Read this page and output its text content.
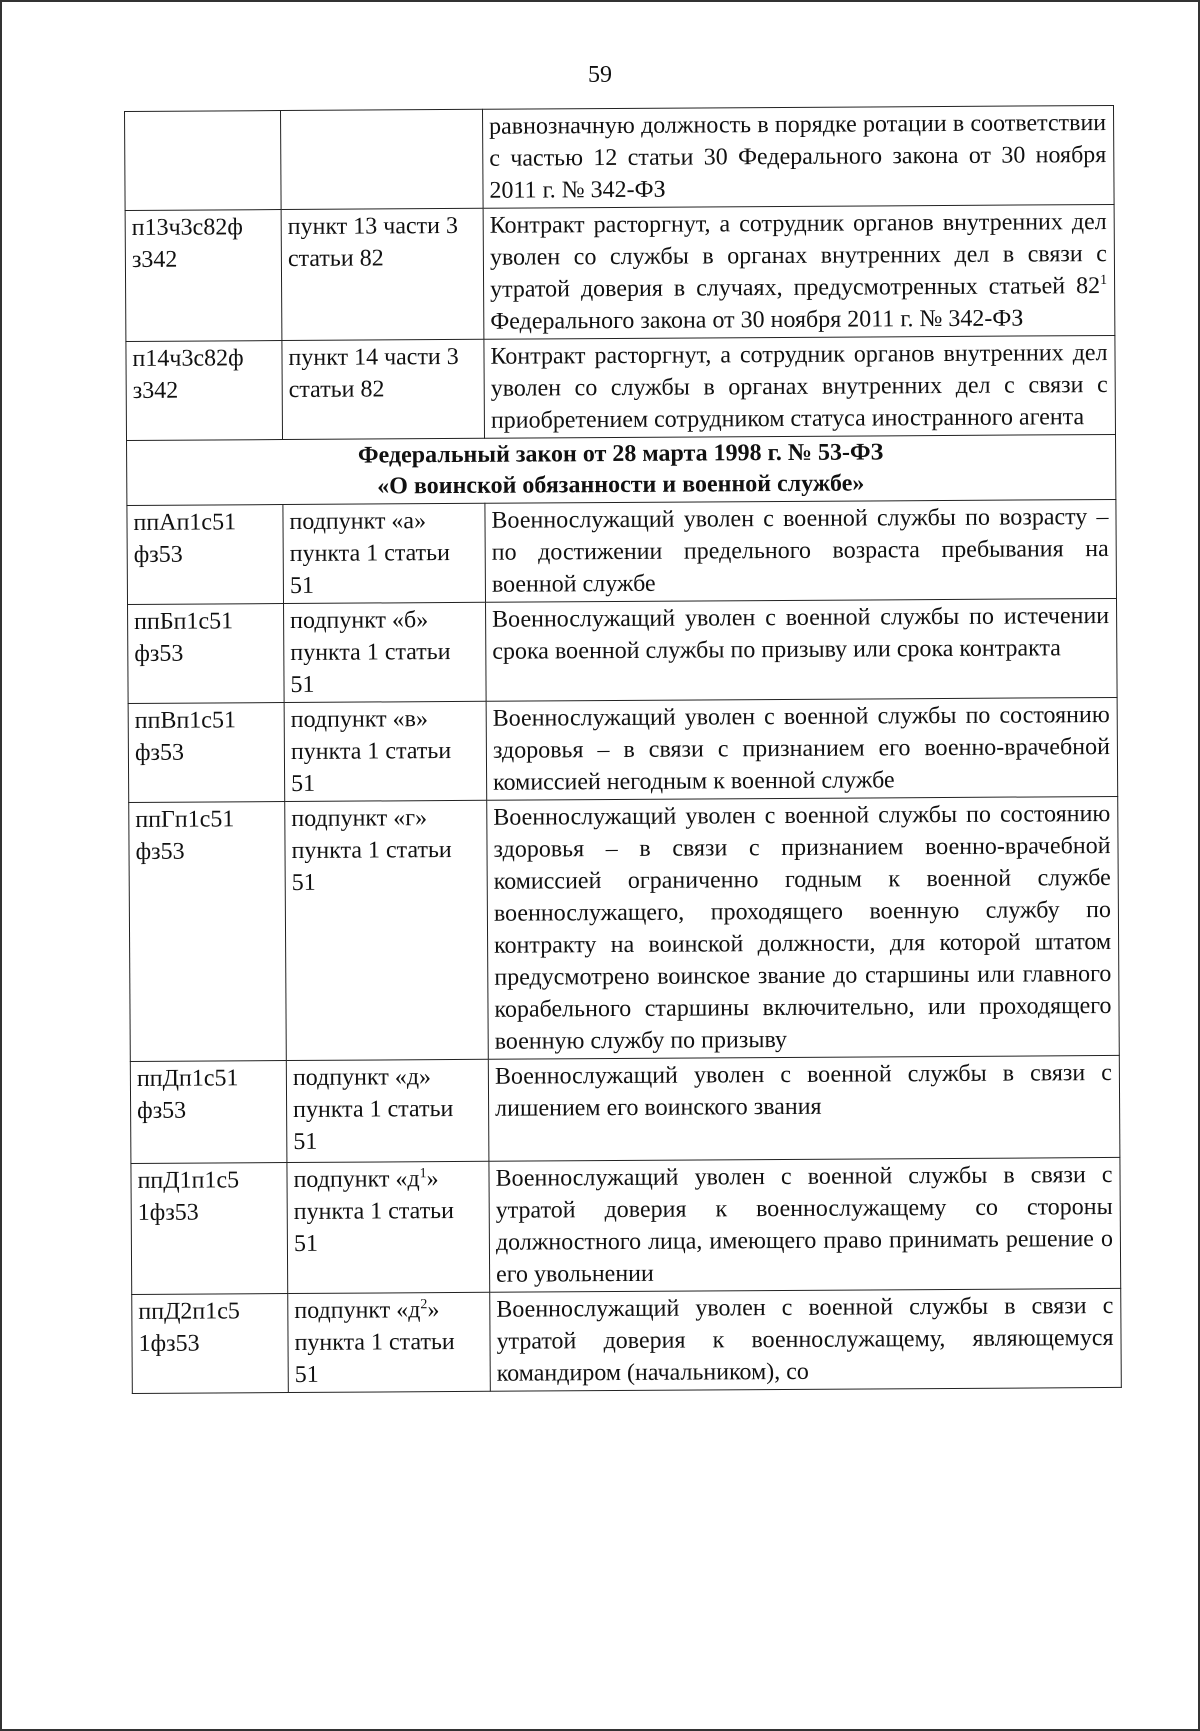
59
		равнозначную должность в порядке ротации в соответствии с частью 12 статьи 30 Федерального закона от 30 ноября 2011 г. № 342-ФЗ
п13ч3с82ф з342	пункт 13 части 3 статьи 82	Контракт расторгнут, а сотрудник органов внутренних дел уволен со службы в органах внутренних дел в связи с утратой доверия в случаях, предусмотренных статьей 82$^1$ Федерального закона от 30 ноября 2011 г. № 342-ФЗ
п14ч3с82ф з342	пункт 14 части 3 статьи 82	Контракт расторгнут, а сотрудник органов внутренних дел уволен со службы в органах внутренних дел с связи с приобретением сотрудником статуса иностранного агента

Федеральный закон от 28 марта 1998 г. № 53-ФЗ
«О воинской обязанности и военной службе»		

ппАп1с51 фз53	подпункт «а» пункта 1 статьи 51	Военнослужащий уволен с военной службы по возрасту – по достижении предельного возраста пребывания на военной службе
ппБп1с51 фз53	подпункт «б» пункта 1 статьи 51	Военнослужащий уволен с военной службы по истечении срока военной службы по призыву или срока контракта
ппВп1с51 фз53	подпункт «в» пункта 1 статьи 51	Военнослужащий уволен с военной службы по состоянию здоровья – в связи с признанием его военно-врачебной комиссией негодным к военной службе
ппГп1с51 фз53	подпункт «г» пункта 1 статьи 51	Военнослужащий уволен с военной службы по состоянию здоровья – в связи с признанием военно-врачебной комиссией ограниченно годным к военной службе военнослужащего, проходящего военную службу по контракту на воинской должности, для которой штатом предусмотрено воинское звание до старшины или главного корабельного старшины включительно, или проходящего военную службу по призыву
ппДп1с51 фз53	подпункт «д» пункта 1 статьи 51	Военнослужащий уволен с военной службы в связи с лишением его воинского звания
ппД1п1с5 1фз53	подпункт «д$^1$» пункта 1 статьи 51	Военнослужащий уволен с военной службы в связи с утратой доверия к военнослужащему со стороны должностного лица, имеющего право принимать решение о его увольнении
ппД2п1с5 1фз53	подпункт «д$^2$» пункта 1 статьи 51	Военнослужащий уволен с военной службы в связи с утратой доверия к военнослужащему, являющемуся командиром (начальником), со
